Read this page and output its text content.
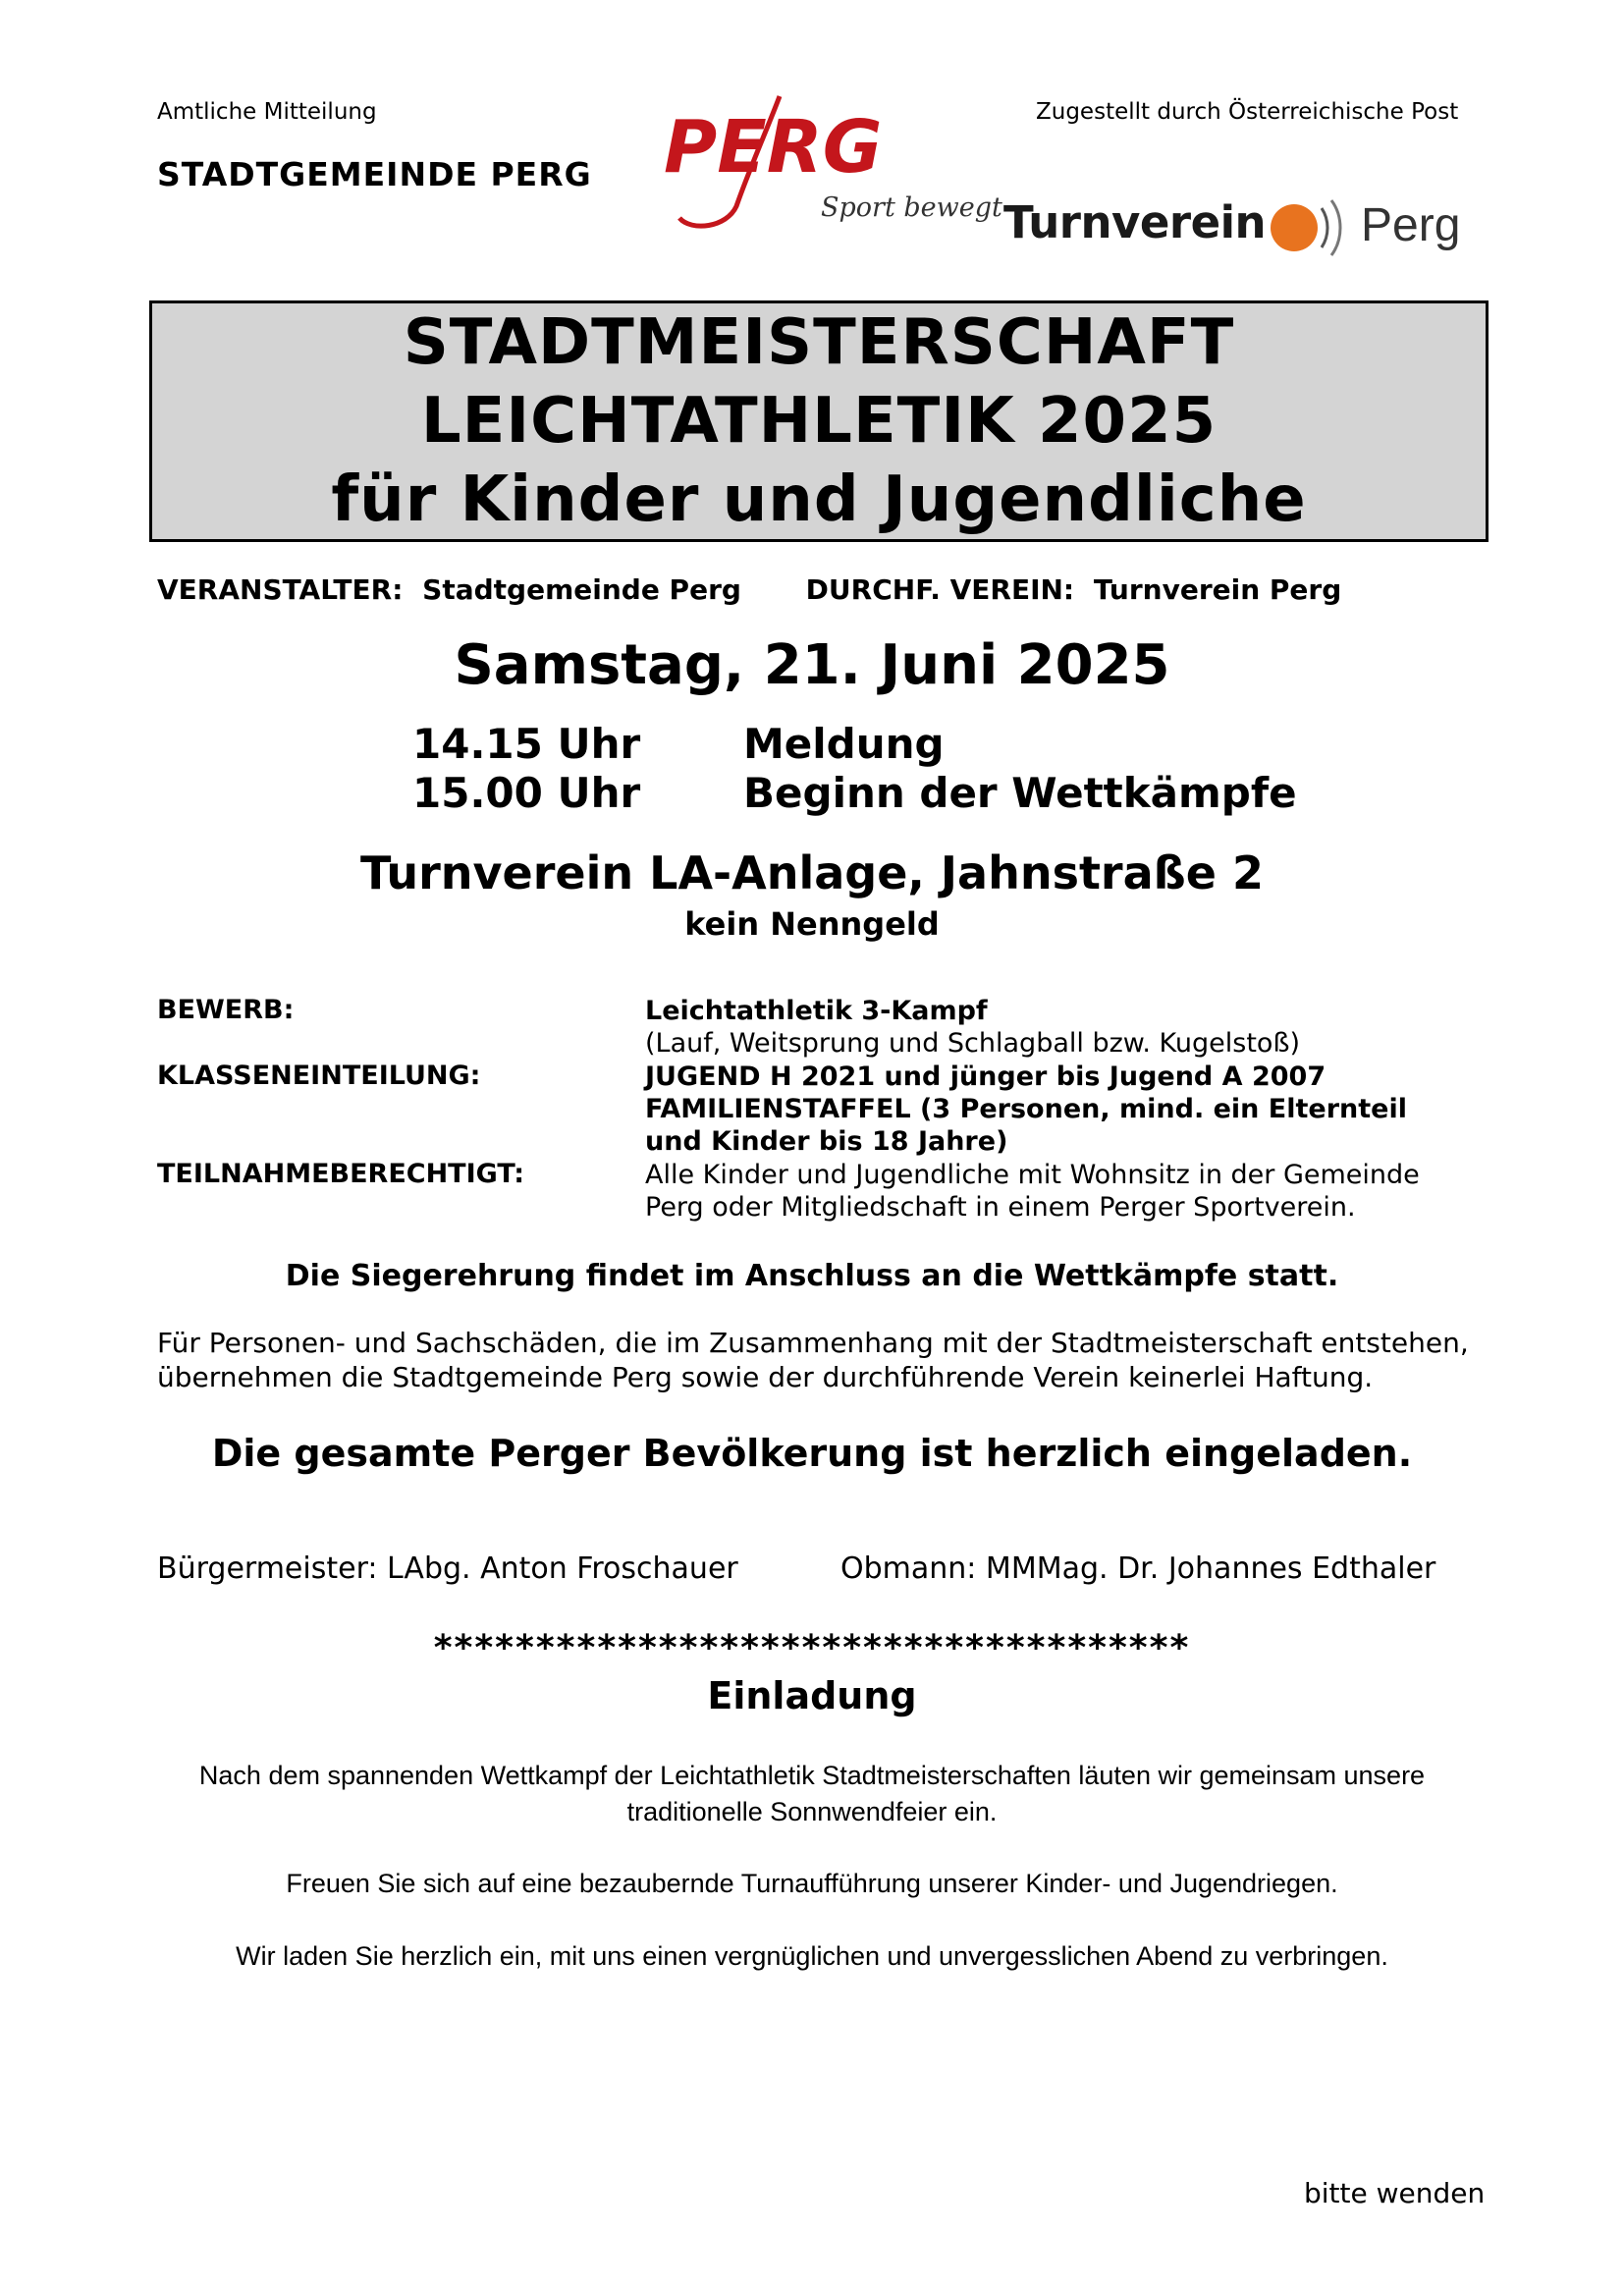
Amtliche Mitteilung
STADTGEMEINDE PERG
Zugestellt durch Österreichische Post
PERG
Sport bewegt Turnverein Perg
STADTMEISTERSCHAFT
LEICHTATHLETIK 2025
für Kinder und Jugendliche
VERANSTALTER: Stadtgemeinde Perg DURCHF. VEREIN: Turnverein Perg
Samstag, 21. Juni 2025
14.15 Uhr Meldung
15.00 Uhr Beginn der Wettkämpfe
Turnverein LA-Anlage, Jahnstraße 2
kein Nenngeld
BEWERB:	Leichtathletik 3-Kampf
(Lauf, Weitsprung und Schlagball bzw. Kugelstoß)
KLASSENEINTEILUNG:	JUGEND H 2021 und jünger bis Jugend A 2007
FAMILIENSTAFFEL (3 Personen, mind. ein Elternteil
und Kinder bis 18 Jahre)
TEILNAHMEBERECHTIGT:	Alle Kinder und Jugendliche mit Wohnsitz in der Gemeinde
Perg oder Mitgliedschaft in einem Perger Sportverein.
Die Siegerehrung findet im Anschluss an die Wettkämpfe statt.
Für Personen- und Sachschäden, die im Zusammenhang mit der Stadtmeisterschaft entstehen,
übernehmen die Stadtgemeinde Perg sowie der durchführende Verein keinerlei Haftung.
Die gesamte Perger Bevölkerung ist herzlich eingeladen.
Bürgermeister: LAbg. Anton Froschauer	Obmann: MMMag. Dr. Johannes Edthaler
*************************************
Einladung
Nach dem spannenden Wettkampf der Leichtathletik Stadtmeisterschaften läuten wir gemeinsam unsere
traditionelle Sonnwendfeier ein.
Freuen Sie sich auf eine bezaubernde Turnaufführung unserer Kinder- und Jugendriegen.
Wir laden Sie herzlich ein, mit uns einen vergnüglichen und unvergesslichen Abend zu verbringen.
bitte wenden
